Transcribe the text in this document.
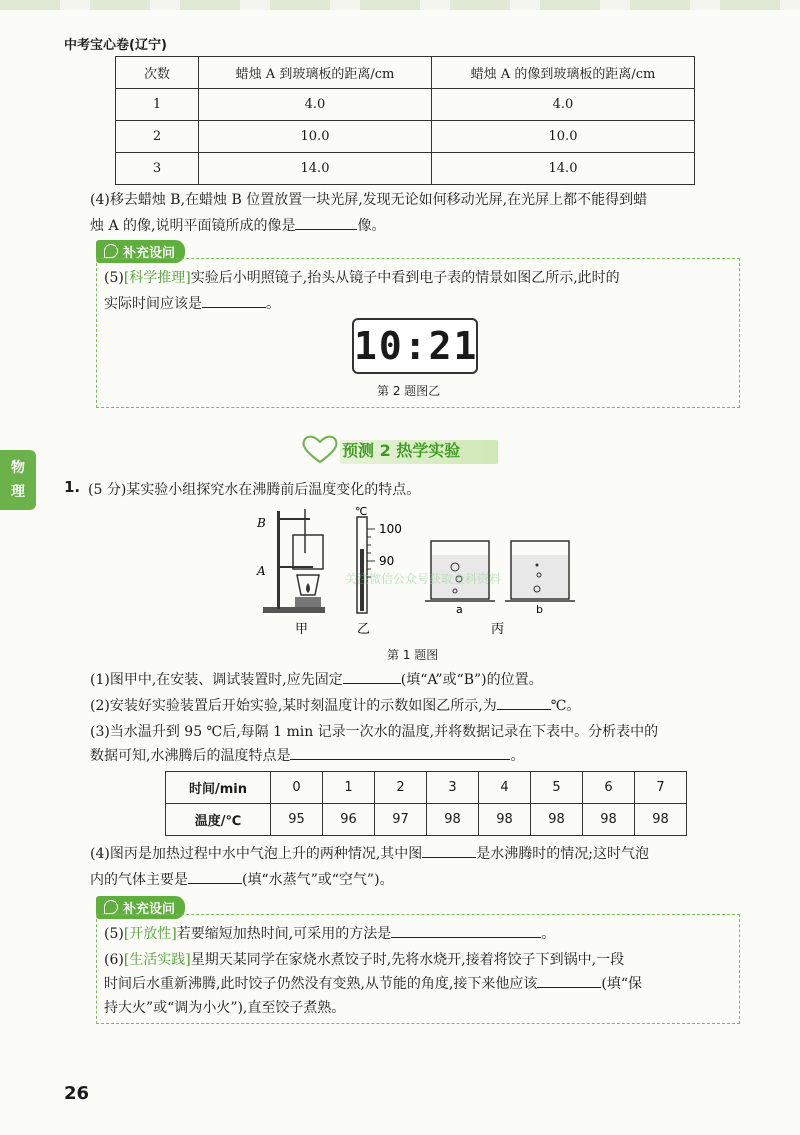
中考宝心卷(辽宁)
次数	蜡烛 A 到玻璃板的距离/cm	蜡烛 A 的像到玻璃板的距离/cm
1	4.0	4.0
2	10.0	10.0
3	14.0	14.0
(4)移去蜡烛 B,在蜡烛 B 位置放置一块光屏,发现无论如何移动光屏,在光屏上都不能得到蜡
烛 A 的像,说明平面镜所成的像是	像。
补充设问
(5)[科学推理]实验后小明照镜子,抬头从镜子中看到电子表的情景如图乙所示,此时的
实际时间应该是	。
10:21
第 2 题图乙
预测 2 热学实验
物
理	1. (5 分)某实验小组探究水在沸腾前后温度变化的特点。
B
A
℃
100
90
a	b
甲	乙	丙
关注微信公众号获取全科资料
第 1 题图
(1)图甲中,在安装、调试装置时,应先固定	(填“A”或“B”)的位置。
(2)安装好实验装置后开始实验,某时刻温度计的示数如图乙所示,为	℃。
(3)当水温升到 95 ℃后,每隔 1 min 记录一次水的温度,并将数据记录在下表中。分析表中的
数据可知,水沸腾后的温度特点是	。
时间/min	0	1	2	3	4	5	6	7
温度/℃	95	96	97	98	98	98	98	98
(4)图丙是加热过程中水中气泡上升的两种情况,其中图	是水沸腾时的情况;这时气泡
内的气体主要是	(填“水蒸气”或“空气”)。
补充设问
(5)[开放性]若要缩短加热时间,可采用的方法是	。
(6)[生活实践]星期天某同学在家烧水煮饺子时,先将水烧开,接着将饺子下到锅中,一段
时间后水重新沸腾,此时饺子仍然没有变熟,从节能的角度,接下来他应该	(填“保
持大火”或“调为小火”),直至饺子煮熟。
26
